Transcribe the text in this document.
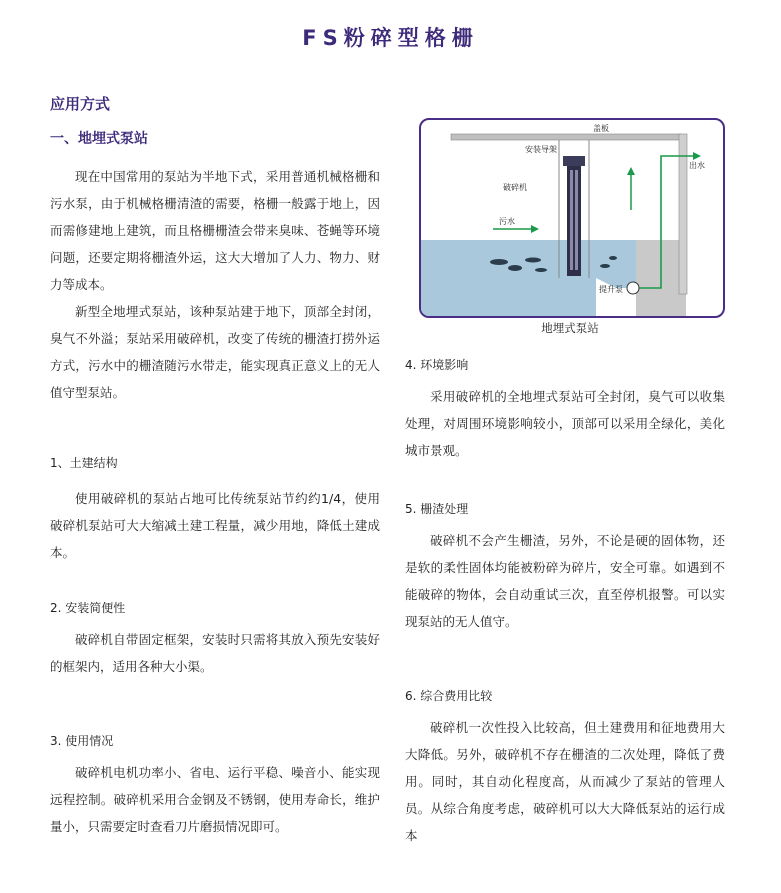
FS粉碎型格栅
应用方式
一、地埋式泵站

现在中国常用的泵站为半地下式，采用普通机械格栅和污水泵，由于机械格栅清渣的需要，格栅一般露于地上，因而需修建地上建筑，而且格栅栅渣会带来臭味、苍蝇等环境问题，还要定期将栅渣外运，这大大增加了人力、物力、财力等成本。

新型全地埋式泵站，该种泵站建于地下，顶部全封闭，臭气不外溢；泵站采用破碎机，改变了传统的栅渣打捞外运方式，污水中的栅渣随污水带走，能实现真正意义上的无人值守型泵站。

1、土建结构

使用破碎机的泵站占地可比传统泵站节约约1/4，使用破碎机泵站可大大缩减土建工程量，减少用地，降低土建成本。

2. 安装简便性

破碎机自带固定框架，安装时只需将其放入预先安装好的框架内，适用各种大小渠。

3. 使用情况

破碎机电机功率小、省电、运行平稳、噪音小、能实现远程控制。破碎机采用合金钢及不锈钢，使用寿命长，维护量小，只需要定时查看刀片磨损情况即可。

盖板
安装导架
破碎机
污水
出水
提升泵
地埋式泵站
4. 环境影响

采用破碎机的全地埋式泵站可全封闭，臭气可以收集处理，对周围环境影响较小，顶部可以采用全绿化，美化城市景观。

5. 栅渣处理

破碎机不会产生栅渣，另外，不论是硬的固体物，还是软的柔性固体均能被粉碎为碎片，安全可靠。如遇到不能破碎的物体，会自动重试三次，直至停机报警。可以实现泵站的无人值守。

6. 综合费用比较

破碎机一次性投入比较高，但土建费用和征地费用大大降低。另外，破碎机不存在栅渣的二次处理，降低了费用。同时，其自动化程度高，从而减少了泵站的管理人员。从综合角度考虑，破碎机可以大大降低泵站的运行成本
